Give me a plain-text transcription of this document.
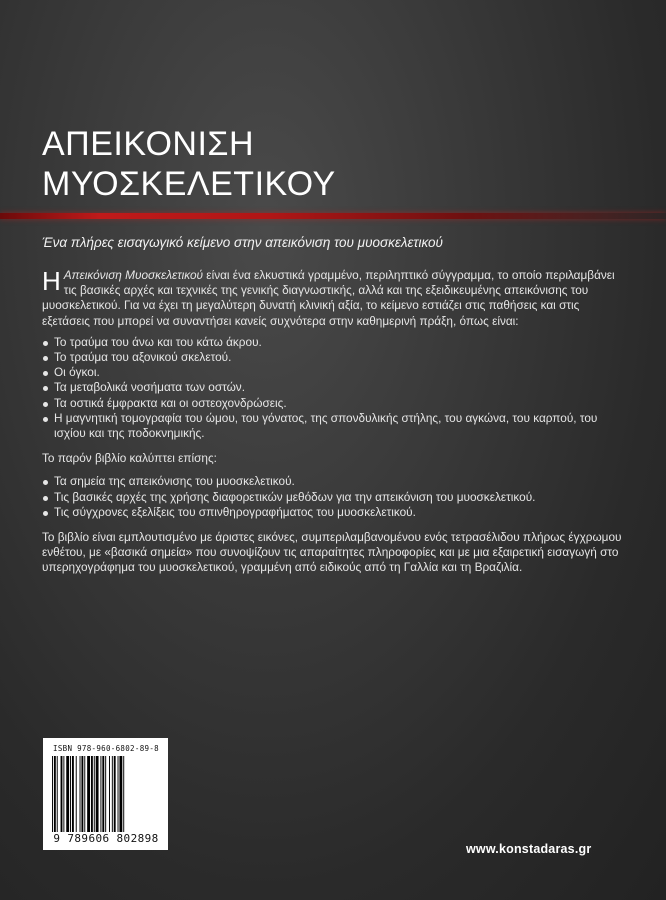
ΑΠΕΙΚΟΝΙΣΗ
ΜΥΟΣΚΕΛΕΤΙΚΟΥ

Ένα πλήρες εισαγωγικό κείμενο στην απεικόνιση του μυοσκελετικού

Η Απεικόνιση Μυοσκελετικού είναι ένα ελκυστικά γραμμένο, περιληπτικό σύγγραμμα, το οποίο περιλαμβάνει τις βασικές αρχές και τεχνικές της γενικής διαγνωστικής, αλλά και της εξειδικευμένης απεικόνισης του μυοσκελετικού. Για να έχει τη μεγαλύτερη δυνατή κλινική αξία, το κείμενο εστιάζει στις παθήσεις και στις εξετάσεις που μπορεί να συναντήσει κανείς συχνότερα στην καθημερινή πράξη, όπως είναι:

Το τραύμα του άνω και του κάτω άκρου.
Το τραύμα του αξονικού σκελετού.
Οι όγκοι.
Τα μεταβολικά νοσήματα των οστών.
Τα οστικά έμφρακτα και οι οστεοχονδρώσεις.
Η μαγνητική τομογραφία του ώμου, του γόνατος, της σπονδυλικής στήλης, του αγκώνα, του καρπού, του ισχίου και της ποδοκνημικής.

Το παρόν βιβλίο καλύπτει επίσης:

Τα σημεία της απεικόνισης του μυοσκελετικού.
Τις βασικές αρχές της χρήσης διαφορετικών μεθόδων για την απεικόνιση του μυοσκελετικού.
Τις σύγχρονες εξελίξεις του σπινθηρογραφήματος του μυοσκελετικού.

Το βιβλίο είναι εμπλουτισμένο με άριστες εικόνες, συμπεριλαμβανομένου ενός τετρασέλιδου πλήρως έγχρωμου ενθέτου, με «βασικά σημεία» που συνοψίζουν τις απαραίτητες πληροφορίες και με μια εξαιρετική εισαγωγή στο υπερηχογράφημα του μυοσκελετικού, γραμμένη από ειδικούς από τη Γαλλία και τη Βραζιλία.

ISBN 978-960-6802-89-8
9 789606 802898
www.konstadaras.gr
